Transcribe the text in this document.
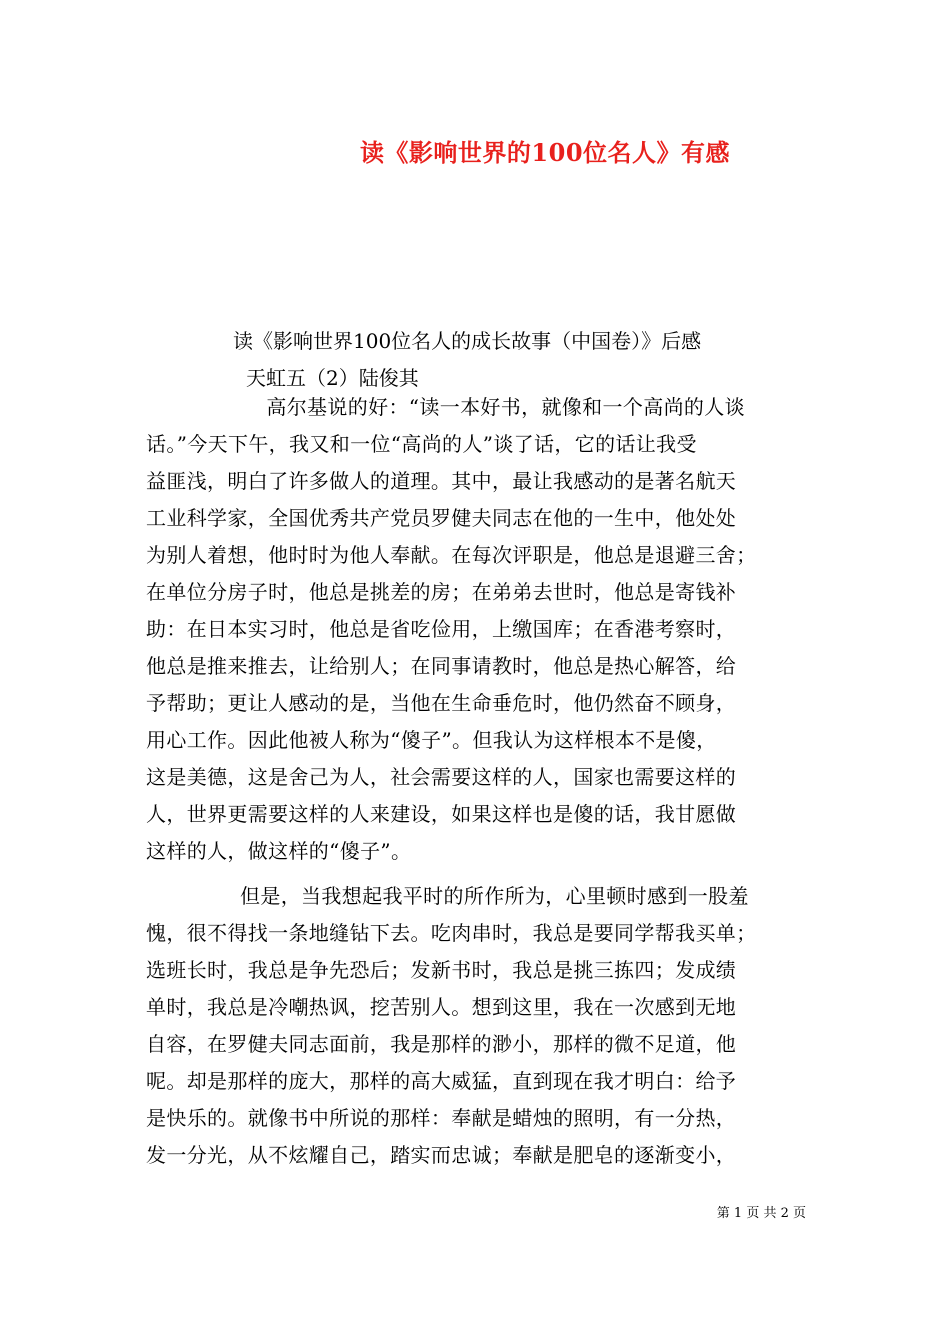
读《影响世界的100位名人》有感
读《影响世界100位名人的成长故事（中国卷）》后感
天虹五（2）陆俊其
　高尔基说的好：“读一本好书，就像和一个高尚的人谈
话。”今天下午，我又和一位“高尚的人”谈了话，它的话让我受
益匪浅，明白了许多做人的道理。其中，最让我感动的是著名航天
工业科学家，全国优秀共产党员罗健夫同志在他的一生中，他处处
为别人着想，他时时为他人奉献。在每次评职是，他总是退避三舍；
在单位分房子时，他总是挑差的房；在弟弟去世时，他总是寄钱补
助：在日本实习时，他总是省吃俭用，上缴国库；在香港考察时，
他总是推来推去，让给别人；在同事请教时，他总是热心解答，给
予帮助；更让人感动的是，当他在生命垂危时，他仍然奋不顾身，
用心工作。因此他被人称为“傻子”。但我认为这样根本不是傻，
这是美德，这是舍己为人，社会需要这样的人，国家也需要这样的
人，世界更需要这样的人来建设，如果这样也是傻的话，我甘愿做
这样的人，做这样的“傻子”。
但是，当我想起我平时的所作所为，心里顿时感到一股羞
愧，很不得找一条地缝钻下去。吃肉串时，我总是要同学帮我买单；
选班长时，我总是争先恐后；发新书时，我总是挑三拣四；发成绩
单时，我总是冷嘲热讽，挖苦别人。想到这里，我在一次感到无地
自容，在罗健夫同志面前，我是那样的渺小，那样的微不足道，他
呢。却是那样的庞大，那样的高大威猛，直到现在我才明白：给予
是快乐的。就像书中所说的那样：奉献是蜡烛的照明，有一分热，
发一分光，从不炫耀自己，踏实而忠诚；奉献是肥皂的逐渐变小，
第 1 页 共 2 页
